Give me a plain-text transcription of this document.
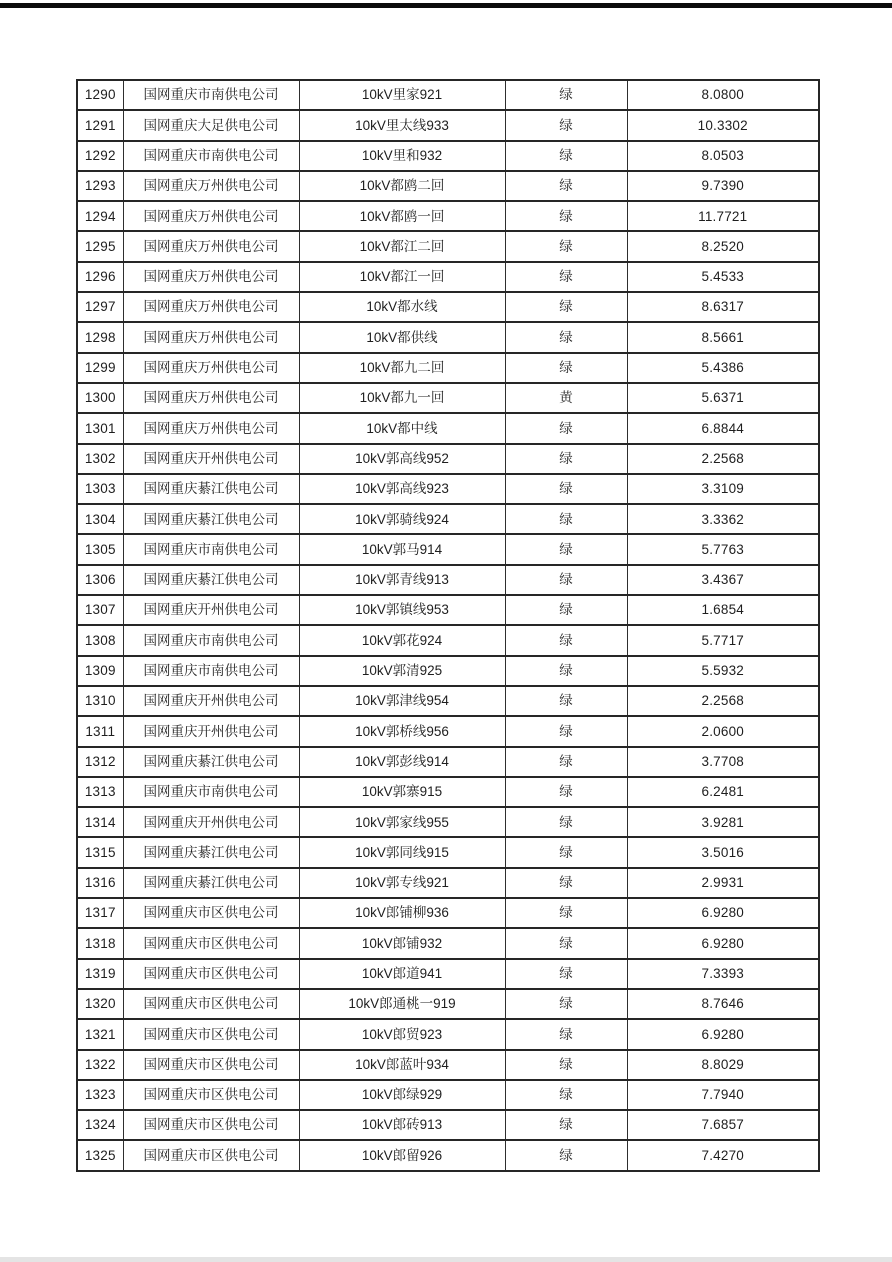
1290	国网重庆市南供电公司	10kV里家921	绿	8.0800
1291	国网重庆大足供电公司	10kV里太线933	绿	10.3302
1292	国网重庆市南供电公司	10kV里和932	绿	8.0503
1293	国网重庆万州供电公司	10kV都鸥二回	绿	9.7390
1294	国网重庆万州供电公司	10kV都鸥一回	绿	11.7721
1295	国网重庆万州供电公司	10kV都江二回	绿	8.2520
1296	国网重庆万州供电公司	10kV都江一回	绿	5.4533
1297	国网重庆万州供电公司	10kV都水线	绿	8.6317
1298	国网重庆万州供电公司	10kV都供线	绿	8.5661
1299	国网重庆万州供电公司	10kV都九二回	绿	5.4386
1300	国网重庆万州供电公司	10kV都九一回	黄	5.6371
1301	国网重庆万州供电公司	10kV都中线	绿	6.8844
1302	国网重庆开州供电公司	10kV郭高线952	绿	2.2568
1303	国网重庆綦江供电公司	10kV郭高线923	绿	3.3109
1304	国网重庆綦江供电公司	10kV郭骑线924	绿	3.3362
1305	国网重庆市南供电公司	10kV郭马914	绿	5.7763
1306	国网重庆綦江供电公司	10kV郭青线913	绿	3.4367
1307	国网重庆开州供电公司	10kV郭镇线953	绿	1.6854
1308	国网重庆市南供电公司	10kV郭花924	绿	5.7717
1309	国网重庆市南供电公司	10kV郭清925	绿	5.5932
1310	国网重庆开州供电公司	10kV郭津线954	绿	2.2568
1311	国网重庆开州供电公司	10kV郭桥线956	绿	2.0600
1312	国网重庆綦江供电公司	10kV郭彭线914	绿	3.7708
1313	国网重庆市南供电公司	10kV郭寨915	绿	6.2481
1314	国网重庆开州供电公司	10kV郭家线955	绿	3.9281
1315	国网重庆綦江供电公司	10kV郭同线915	绿	3.5016
1316	国网重庆綦江供电公司	10kV郭专线921	绿	2.9931
1317	国网重庆市区供电公司	10kV郎铺柳936	绿	6.9280
1318	国网重庆市区供电公司	10kV郎铺932	绿	6.9280
1319	国网重庆市区供电公司	10kV郎道941	绿	7.3393
1320	国网重庆市区供电公司	10kV郎通桃一919	绿	8.7646
1321	国网重庆市区供电公司	10kV郎贸923	绿	6.9280
1322	国网重庆市区供电公司	10kV郎蓝叶934	绿	8.8029
1323	国网重庆市区供电公司	10kV郎绿929	绿	7.7940
1324	国网重庆市区供电公司	10kV郎砖913	绿	7.6857
1325	国网重庆市区供电公司	10kV郎留926	绿	7.4270
